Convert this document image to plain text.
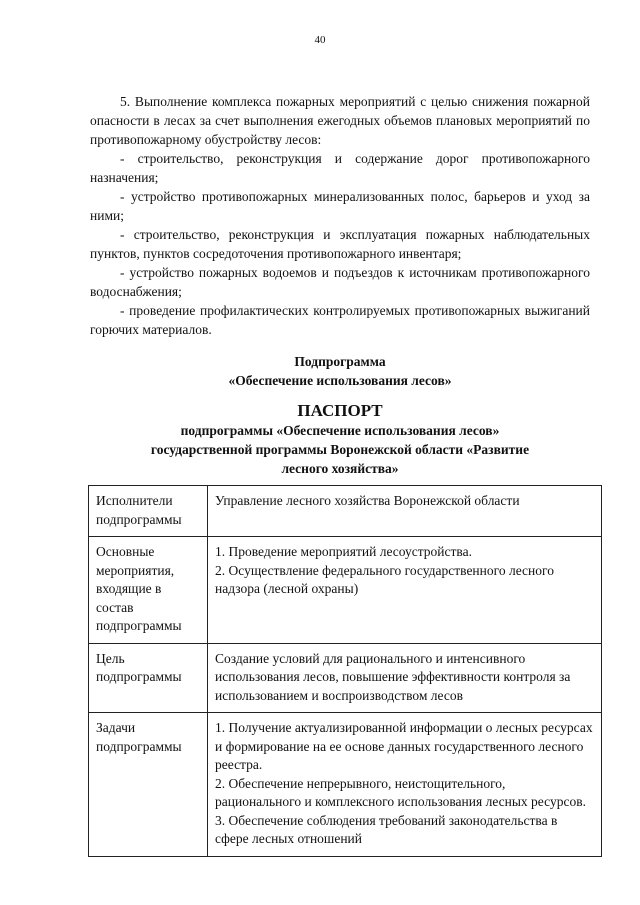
40

5. Выполнение комплекса пожарных мероприятий с целью снижения пожарной опасности в лесах за счет выполнения ежегодных объемов плановых мероприятий по противопожарному обустройству лесов:

- строительство, реконструкция и содержание дорог противопожарного назначения;

- устройство противопожарных минерализованных полос, барьеров и уход за ними;

- строительство, реконструкция и эксплуатация пожарных наблюдательных пунктов, пунктов сосредоточения противопожарного инвентаря;

- устройство пожарных водоемов и подъездов к источникам противопожарного водоснабжения;

- проведение профилактических контролируемых противопожарных выжиганий горючих материалов.

Подпрограмма
«Обеспечение использования лесов»
ПАСПОРТ
подпрограммы «Обеспечение использования лесов»
государственной программы Воронежской области «Развитие
лесного хозяйства»
Исполнители подпрограммы	Управление лесного хозяйства Воронежской области

Основные мероприятия, входящие в состав подпрограммы	1. Проведение мероприятий лесоустройства.
2. Осуществление федерального государственного лесного надзора (лесной охраны)

Цель подпрограммы	Создание условий для рационального и интенсивного использования лесов, повышение эффективности контроля за использованием и воспроизводством лесов

Задачи подпрограммы	1. Получение актуализированной информации о лесных ресурсах и формирование на ее основе данных государственного лесного реестра.
2. Обеспечение непрерывного, неистощительного, рационального и комплексного использования лесных ресурсов.
3. Обеспечение соблюдения требований законодательства в сфере лесных отношений
